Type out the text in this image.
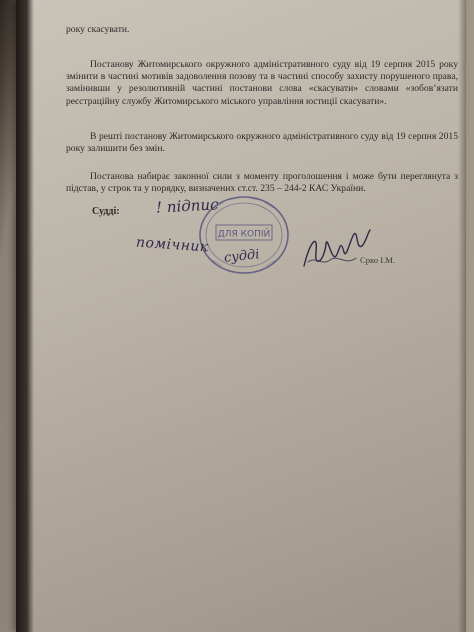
року скасувати.
Постанову Житомирського окружного адміністративного суду від 19 серпня 2015 року змінити в частині мотивів задоволення позову та в частині способу захисту порушеного права, замінивши у резолютивній частині постанови слова «скасувати» словами «зобов’язати реєстраційну службу Житомирського міського управління юстиції скасувати».
В решті постанову Житомирського окружного адміністративного суду від 19 серпня 2015 року залишити без змін.
Постанова набирає законної сили з моменту проголошення і може бути переглянута з підстав, у строк та у порядку, визначених ст.ст. 235 – 244-2 КАС України.
Судді:
ДЛЯ КОПІЙ
! підпис
помічник
судді	Срко І.М.
